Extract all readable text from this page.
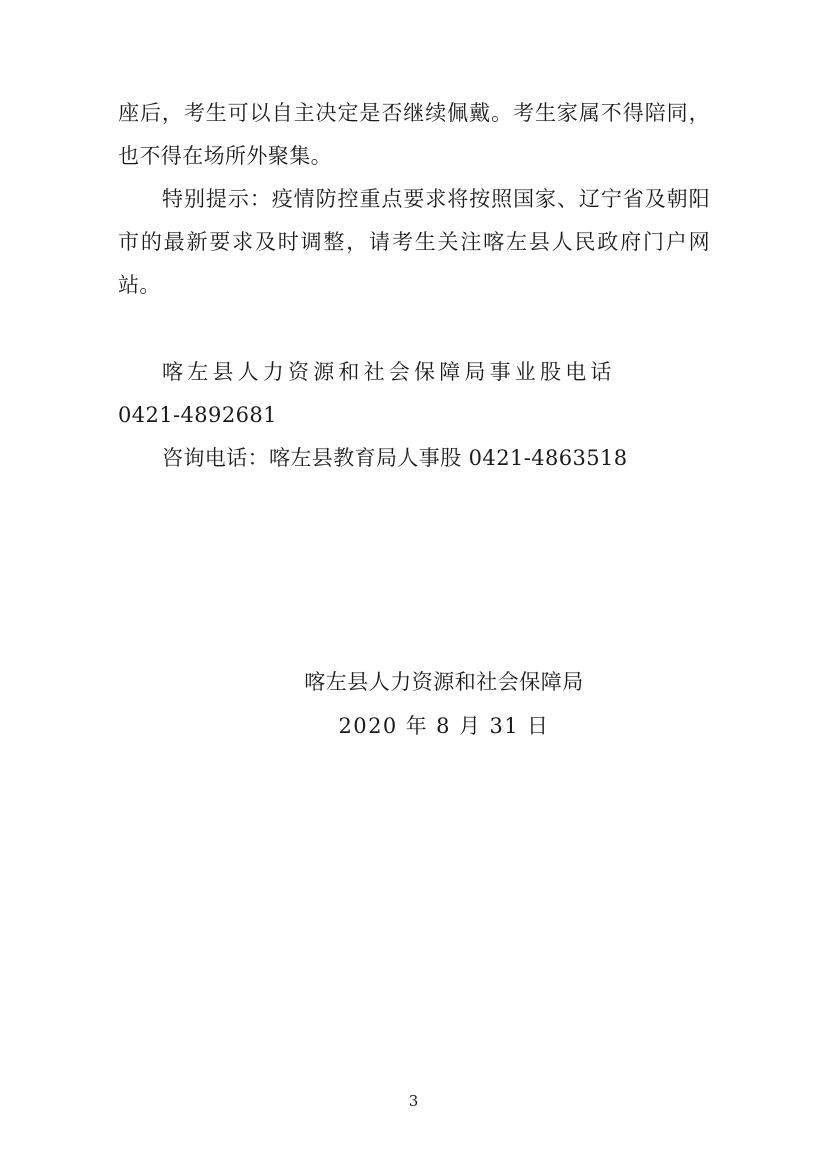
座后，考生可以自主决定是否继续佩戴。考生家属不得陪同，也不得在场所外聚集。

特别提示：疫情防控重点要求将按照国家、辽宁省及朝阳市的最新要求及时调整，请考生关注喀左县人民政府门户网站。

喀左县人力资源和社会保障局事业股电话

0421-4892681

咨询电话：喀左县教育局人事股 0421-4863518

喀左县人力资源和社会保障局
2020 年 8 月 31 日
3
